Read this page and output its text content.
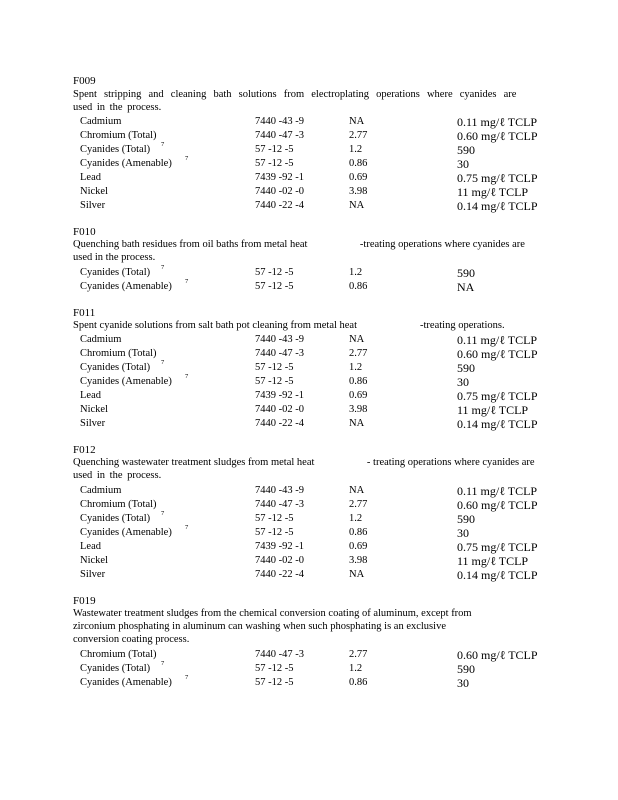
F009
Spent stripping and cleaning bath solutions from electroplating operations where cyanides are
used in the process.
Cadmium	7440 -43 -9	NA	0.11 mg/ℓ TCLP
Chromium (Total)	7440 -47 -3	2.77	0.60 mg/ℓ TCLP
Cyanides (Total) 7	57 -12 -5	1.2	590
Cyanides (Amenable) 7	57 -12 -5	0.86	30
Lead	7439 -92 -1	0.69	0.75 mg/ℓ TCLP
Nickel	7440 -02 -0	3.98	11 mg/ℓ TCLP
Silver	7440 -22 -4	NA	0.14 mg/ℓ TCLP
F010
Quenching bath residues from oil baths from metal heat                    -treating operations where cyanides are
used in the process.
Cyanides (Total) 7	57 -12 -5	1.2	590
Cyanides (Amenable) 7	57 -12 -5	0.86	NA
F011
Spent cyanide solutions from salt bath pot cleaning from metal heat                        -treating operations.
Cadmium	7440 -43 -9	NA	0.11 mg/ℓ TCLP
Chromium (Total)	7440 -47 -3	2.77	0.60 mg/ℓ TCLP
Cyanides (Total) 7	57 -12 -5	1.2	590
Cyanides (Amenable) 7	57 -12 -5	0.86	30
Lead	7439 -92 -1	0.69	0.75 mg/ℓ TCLP
Nickel	7440 -02 -0	3.98	11 mg/ℓ TCLP
Silver	7440 -22 -4	NA	0.14 mg/ℓ TCLP
F012
Quenching wastewater treatment sludges from metal heat                    - treating operations where cyanides are
used in the process.
Cadmium	7440 -43 -9	NA	0.11 mg/ℓ TCLP
Chromium (Total)	7440 -47 -3	2.77	0.60 mg/ℓ TCLP
Cyanides (Total) 7	57 -12 -5	1.2	590
Cyanides (Amenable) 7	57 -12 -5	0.86	30
Lead	7439 -92 -1	0.69	0.75 mg/ℓ TCLP
Nickel	7440 -02 -0	3.98	11 mg/ℓ TCLP
Silver	7440 -22 -4	NA	0.14 mg/ℓ TCLP
F019
Wastewater treatment sludges from the chemical conversion coating of aluminum, except from
zirconium phosphating in aluminum can washing when such phosphating is an exclusive
conversion coating process.
Chromium (Total)	7440 -47 -3	2.77	0.60 mg/ℓ TCLP
Cyanides (Total) 7	57 -12 -5	1.2	590
Cyanides (Amenable) 7	57 -12 -5	0.86	30
